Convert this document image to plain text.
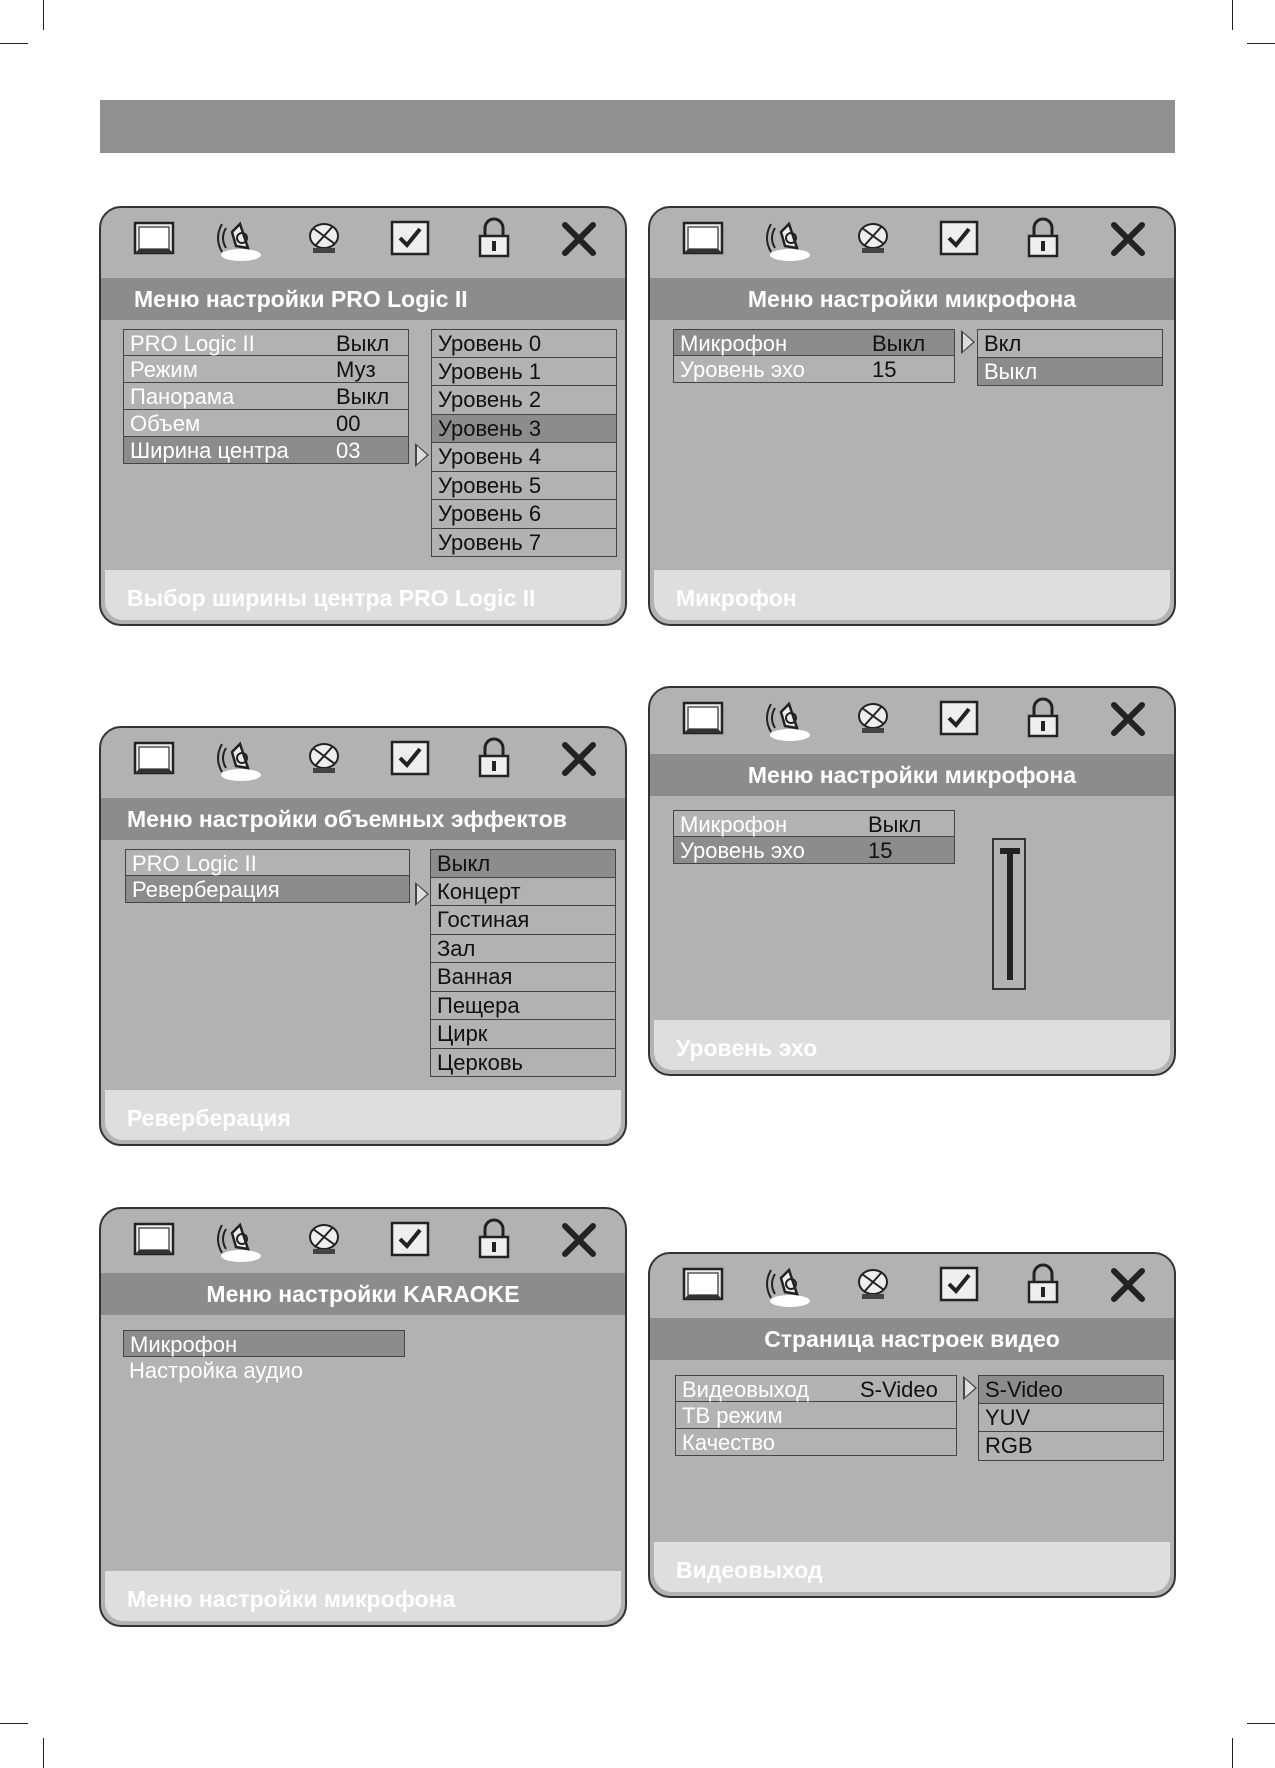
Меню настройки PRO Logic II
PRO Logic II	Выкл
Режим	Муз
Панорама	Выкл
Объем	00
Ширина центра 03
Уровень 0
Уровень 1
Уровень 2
Уровень 3
Уровень 4
Уровень 5
Уровень 6
Уровень 7
Выбор ширины центра PRO Logic II
Меню настройки микрофона
Микрофон	Выкл
Уровень эхо	15
Вкл
Выкл
Микрофон
Меню настройки объемных эффектов
PRO Logic II
Реверберация
Выкл
Концерт
Гостиная
Зал
Ванная
Пещера
Цирк
Церковь
Реверберация
Меню настройки микрофона
Микрофон	Выкл
Уровень эхо	15
Уровень эхо
Меню настройки KARAOKE
Микрофон
Настройка аудио
Меню настройки микрофона
Страница настроек видео
Видеовыход S-Video
ТВ режим
Качество
S-Video
YUV
RGB
Видеовыход
